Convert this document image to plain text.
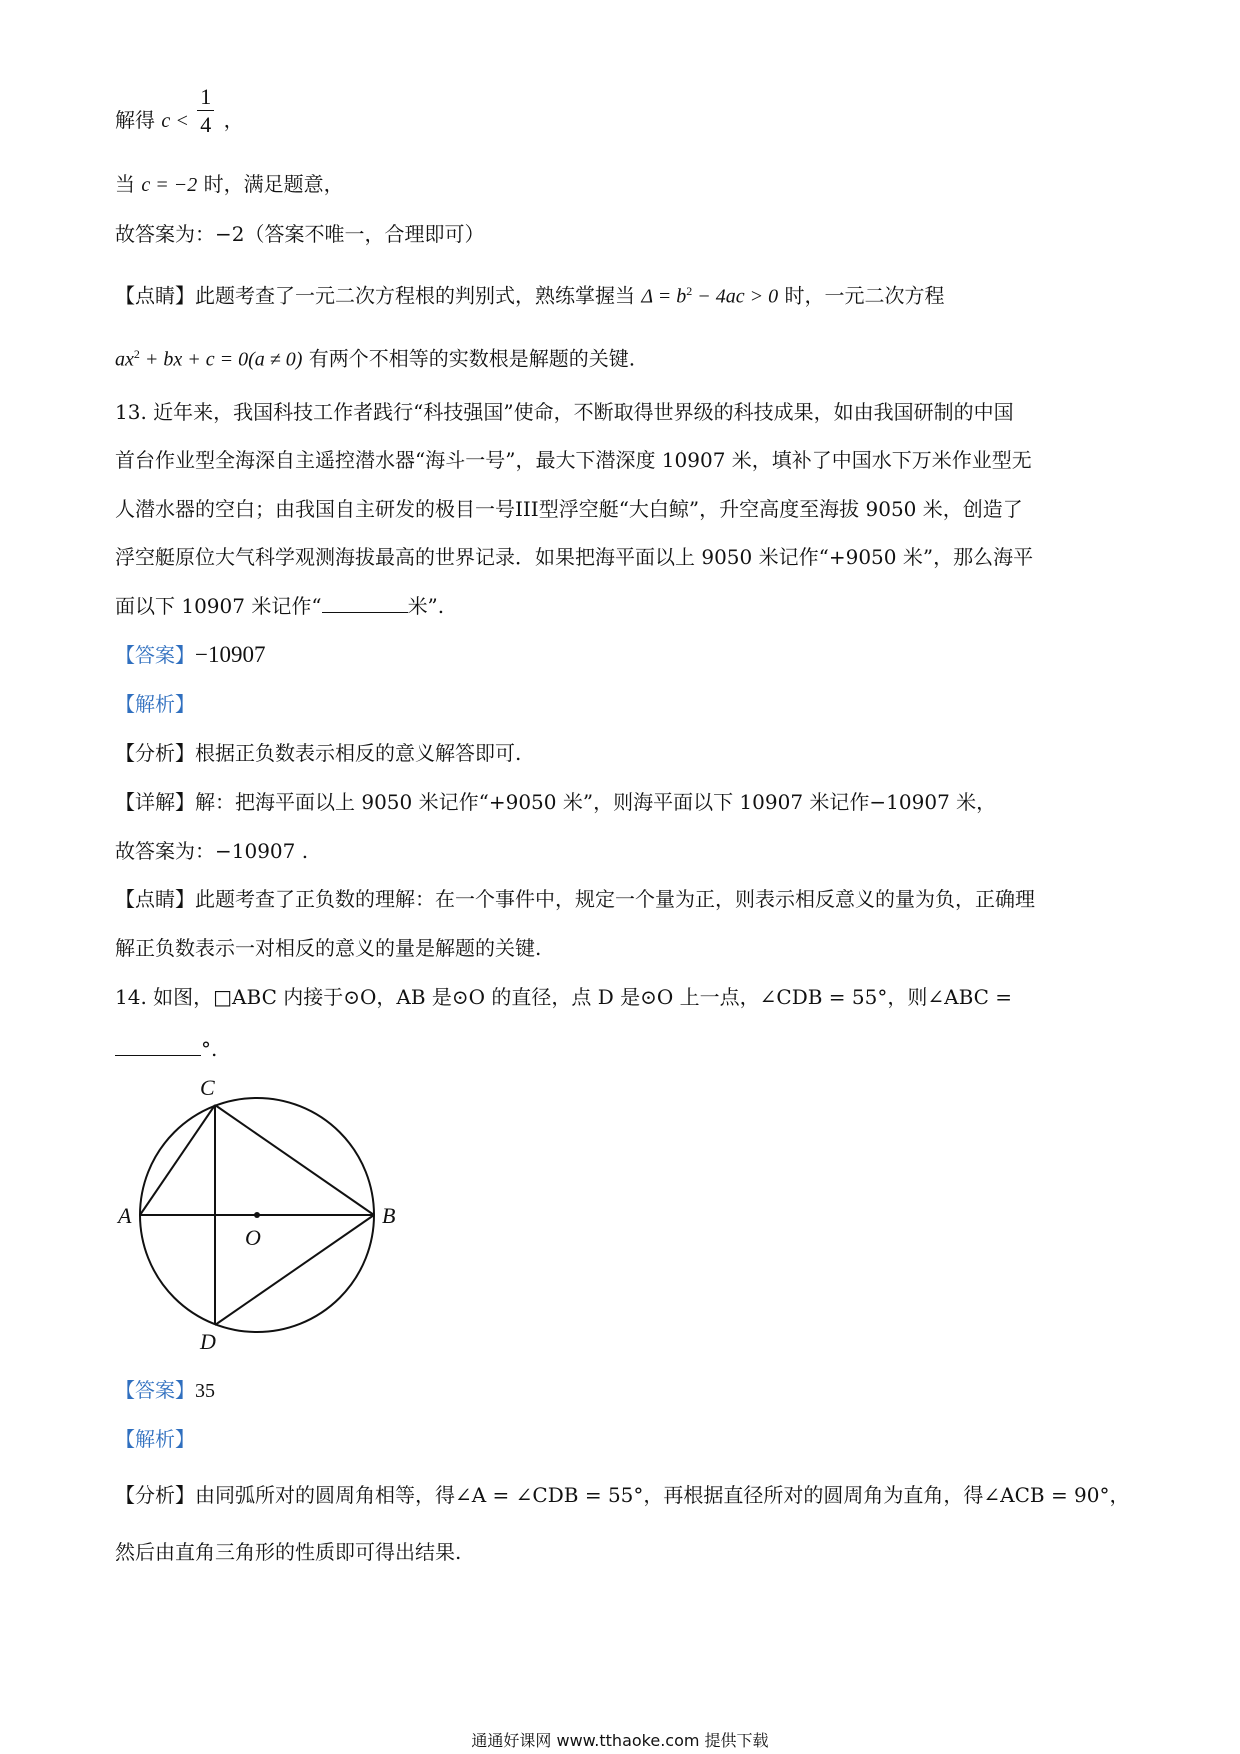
解得 $c < \frac{1}{4}$ ，
当 c = −2 时，满足题意，
故答案为：−2（答案不唯一，合理即可）
【点睛】此题考查了一元二次方程根的判别式，熟练掌握当 $\Delta = b^2 - 4ac > 0$ 时，一元二次方程
$ax^2$ + bx + c = 0(a ≠ 0) 有两个不相等的实数根是解题的关键.
13. 近年来，我国科技工作者践行“科技强国”使命，不断取得世界级的科技成果，如由我国研制的中国
首台作业型全海深自主遥控潜水器“海斗一号”，最大下潜深度 10907 米，填补了中国水下万米作业型无
人潜水器的空白；由我国自主研发的极目一号III型浮空艇“大白鲸”，升空高度至海拔 9050 米，创造了
浮空艇原位大气科学观测海拔最高的世界记录．如果把海平面以上 9050 米记作“+9050 米”，那么海平
面以下 10907 米记作“	米”.
【答案】−10907
【解析】
【分析】根据正负数表示相反的意义解答即可.
【详解】解：把海平面以上 9050 米记作“+9050 米”，则海平面以下 10907 米记作−10907 米，
故答案为：−10907 .
【点睛】此题考查了正负数的理解：在一个事件中，规定一个量为正，则表示相反意义的量为负，正确理
解正负数表示一对相反的意义的量是解题的关键.
14. 如图，□ABC 内接于⊙O，AB 是⊙O 的直径，点 D 是⊙O 上一点，∠CDB = 55°，则∠ABC =
°.
A	B
C
D
O
【答案】35
【解析】
【分析】由同弧所对的圆周角相等，得∠A = ∠CDB = 55°，再根据直径所对的圆周角为直角，得∠ACB = 90°，
然后由直角三角形的性质即可得出结果.
通通好课网 www.tthaoke.com 提供下载
